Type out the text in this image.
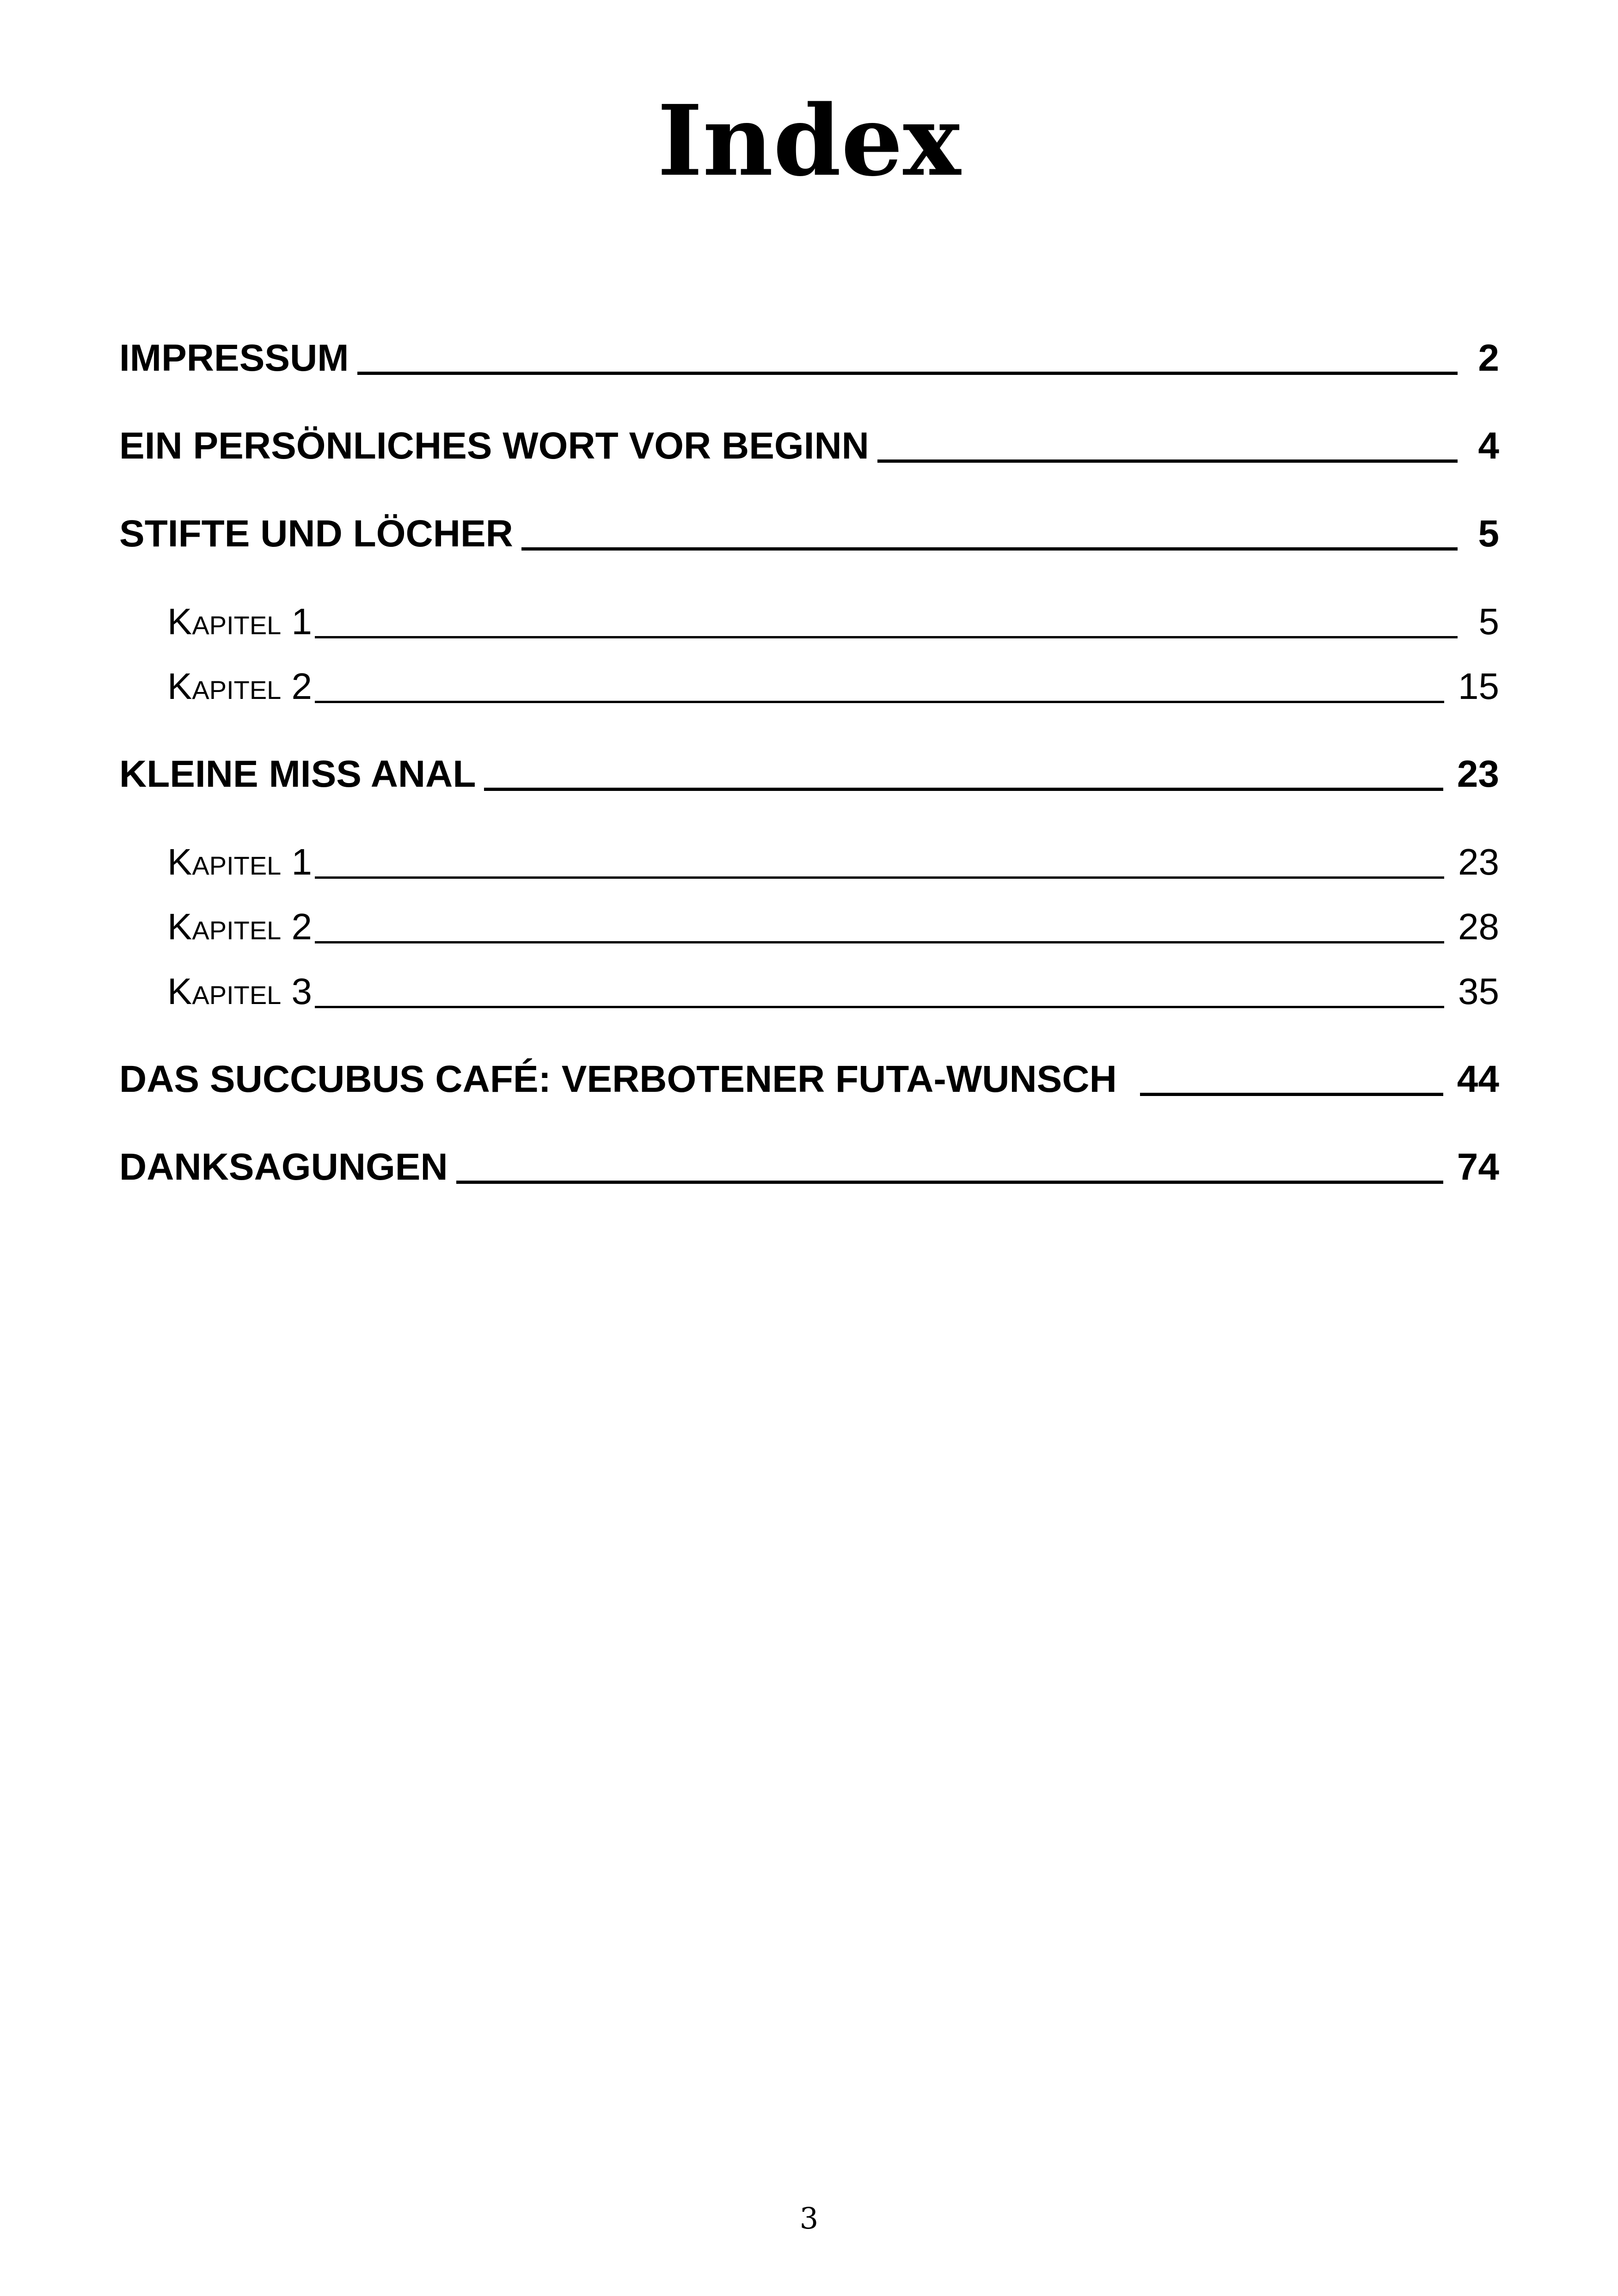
Index
IMPRESSUM	2
EIN PERSÖNLICHES WORT VOR BEGINN	4
STIFTE UND LÖCHER	5
Kapitel 1	5
Kapitel 2	15
KLEINE MISS ANAL	23
Kapitel 1	23
Kapitel 2	28
Kapitel 3	35
DAS SUCCUBUS CAFÉ: VERBOTENER FUTA-WUNSCH	44
DANKSAGUNGEN	74
3
